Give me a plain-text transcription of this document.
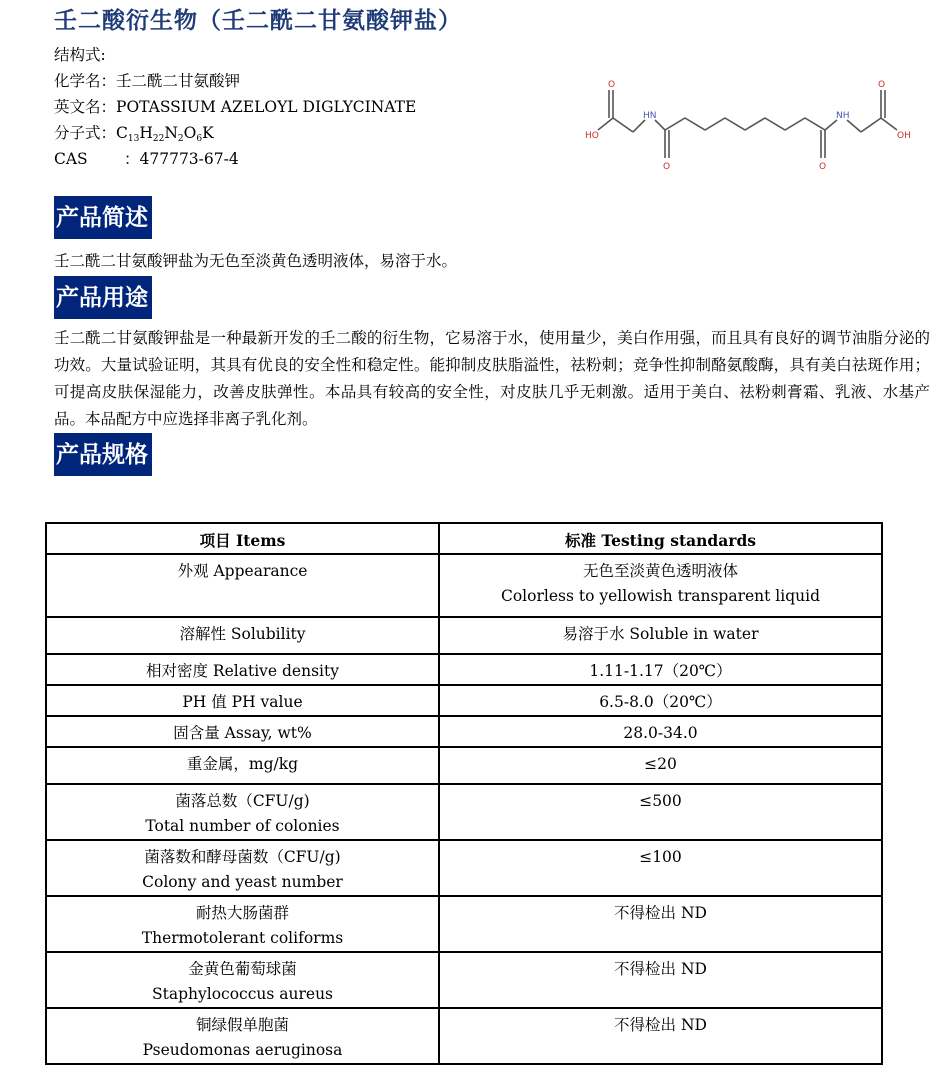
壬二酸衍生物（壬二酰二甘氨酸钾盐）
结构式:
化学名：壬二酰二甘氨酸钾
英文名：POTASSIUM AZELOYL DIGLYCINATE
分子式：$C_{13}H_{22}N_2O_6K$
CAS ：477773-67-4
O
HO
O	O
O
OH
HN	NH
产品简述
壬二酰二甘氨酸钾盐为无色至淡黄色透明液体，易溶于水。
产品用途
壬二酰二甘氨酸钾盐是一种最新开发的壬二酸的衍生物，它易溶于水，使用量少，美白作用强，而且具有良好的调节油脂分泌的功效。大量试验证明，其具有优良的安全性和稳定性。能抑制皮肤脂溢性，祛粉刺；竞争性抑制酪氨酸酶，具有美白祛斑作用；可提高皮肤保湿能力，改善皮肤弹性。本品具有较高的安全性，对皮肤几乎无刺激。适用于美白、祛粉刺膏霜、乳液、水基产品。本品配方中应选择非离子乳化剂。
产品规格
项目 Items	标准 Testing standards

外观 Appearance	无色至淡黄色透明液体
Colorless to yellowish transparent liquid

溶解性 Solubility	易溶于水 Soluble in water

相对密度 Relative density	1.11-1.17（20℃）

PH 值 PH value	6.5-8.0（20℃）

固含量 Assay, wt%	28.0-34.0

重金属，mg/kg	≤20

菌落总数（CFU/g)
Total number of colonies	≤500

菌落数和酵母菌数（CFU/g)
Colony and yeast number	≤100

耐热大肠菌群
Thermotolerant coliforms	不得检出 ND

金黄色葡萄球菌
Staphylococcus aureus	不得检出 ND

铜绿假单胞菌
Pseudomonas aeruginosa	不得检出 ND
